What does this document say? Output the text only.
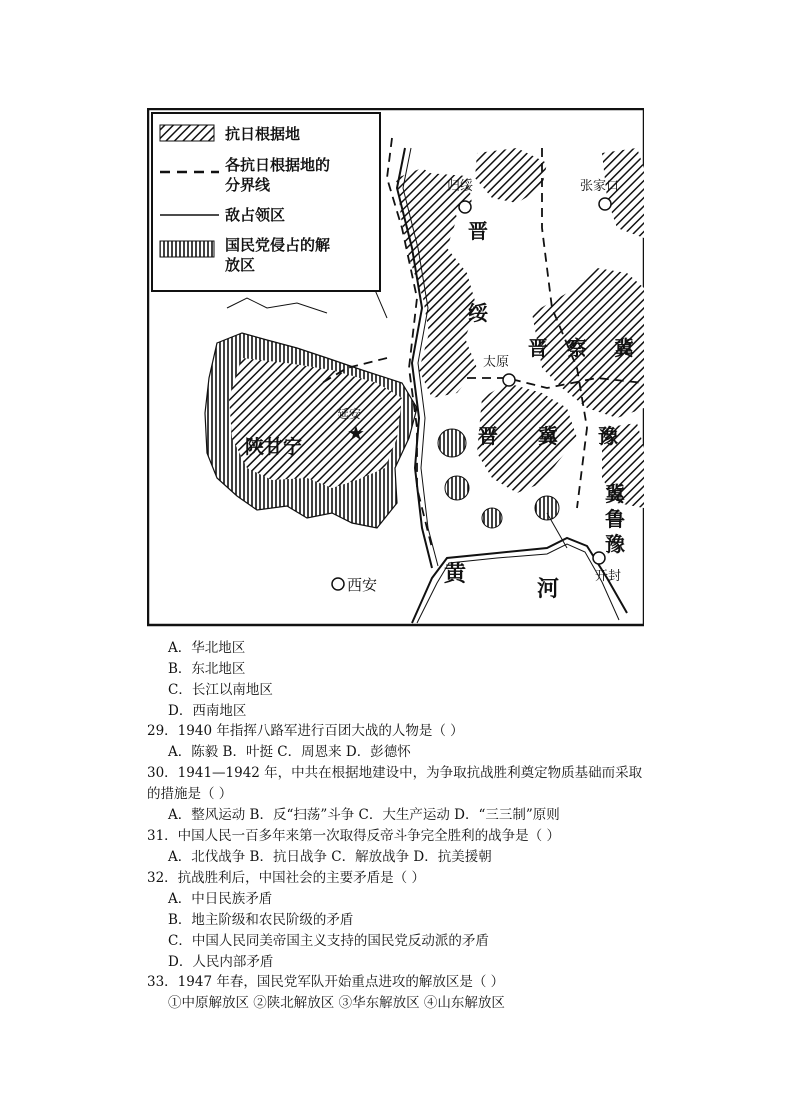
抗日根据地
各抗日根据地的
分界线
敌占领区
国民党侵占的解
放区
归绥	张家口
太原
★
延安
西安	开封
晋
绥
晋 察 冀
陕甘宁	晋 冀 豫
冀
鲁
豫
黄
河
A．华北地区
B．东北地区
C．长江以南地区
D．西南地区
29．1940 年指挥八路军进行百团大战的人物是（ ）
A．陈毅 B．叶挺 C．周恩来 D．彭德怀
30．1941—1942 年，中共在根据地建设中，为争取抗战胜利奠定物质基础而采取
的措施是（ ）
A．整风运动 B．反“扫荡”斗争 C．大生产运动 D．“三三制”原则
31．中国人民一百多年来第一次取得反帝斗争完全胜利的战争是（ ）
A．北伐战争 B．抗日战争 C．解放战争 D．抗美援朝
32．抗战胜利后，中国社会的主要矛盾是（ ）
A．中日民族矛盾
B．地主阶级和农民阶级的矛盾
C．中国人民同美帝国主义支持的国民党反动派的矛盾
D．人民内部矛盾
33．1947 年春，国民党军队开始重点进攻的解放区是（ ）
①中原解放区 ②陕北解放区 ③华东解放区 ④山东解放区
